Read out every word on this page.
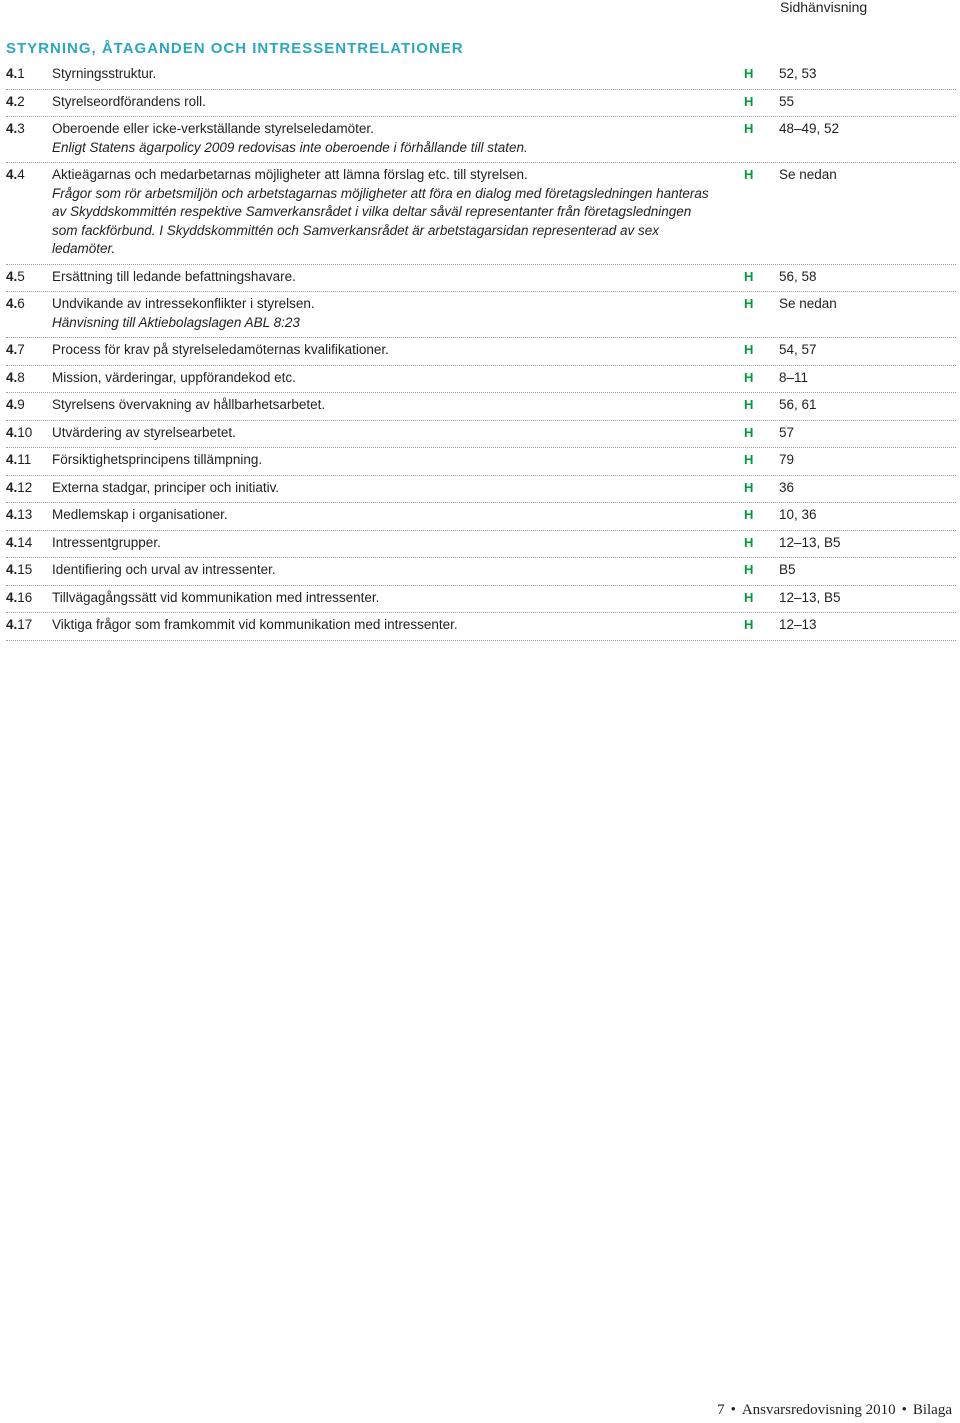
Sidhänvisning
STYRNING, ÅTAGANDEN OCH INTRESSENTRELATIONER
4.1 Styrningsstruktur.	H 52, 53
4.2 Styrelseordförandens roll.	H 55
4.3 Oberoende eller icke-verkställande styrelseledamöter.
Enligt Statens ägarpolicy 2009 redovisas inte oberoende i förhållande till staten.
H 48–49, 52
4.4 Aktieägarnas och medarbetarnas möjligheter att lämna förslag etc. till styrelsen.
Frågor som rör arbetsmiljön och arbetstagarnas möjligheter att föra en dialog med företagsledningen hanteras av Skyddskommittén respektive Samverkansrådet i vilka deltar såväl representanter från företagsledningen som fackförbund. I Skyddskommittén och Samverkansrådet är arbetstagarsidan representerad av sex ledamöter.
H Se nedan
4.5 Ersättning till ledande befattningshavare.	H 56, 58
4.6 Undvikande av intressekonflikter i styrelsen.
Hänvisning till Aktiebolagslagen ABL 8:23
H Se nedan
4.7 Process för krav på styrelseledamöternas kvalifikationer.	H 54, 57
4.8 Mission, värderingar, uppförandekod etc.	H 8–11
4.9 Styrelsens övervakning av hållbarhetsarbetet.	H 56, 61
4.10 Utvärdering av styrelsearbetet.	H 57
4.11 Försiktighetsprincipens tillämpning.	H 79
4.12 Externa stadgar, principer och initiativ.	H 36
4.13 Medlemskap i organisationer.	H 10, 36
4.14 Intressentgrupper.	H 12–13, B5
4.15 Identifiering och urval av intressenter.	H B5
4.16 Tillvägagångssätt vid kommunikation med intressenter.	H 12–13, B5
4.17 Viktiga frågor som framkommit vid kommunikation med intressenter.	H 12–13
7 • Ansvarsredovisning 2010 • Bilaga
